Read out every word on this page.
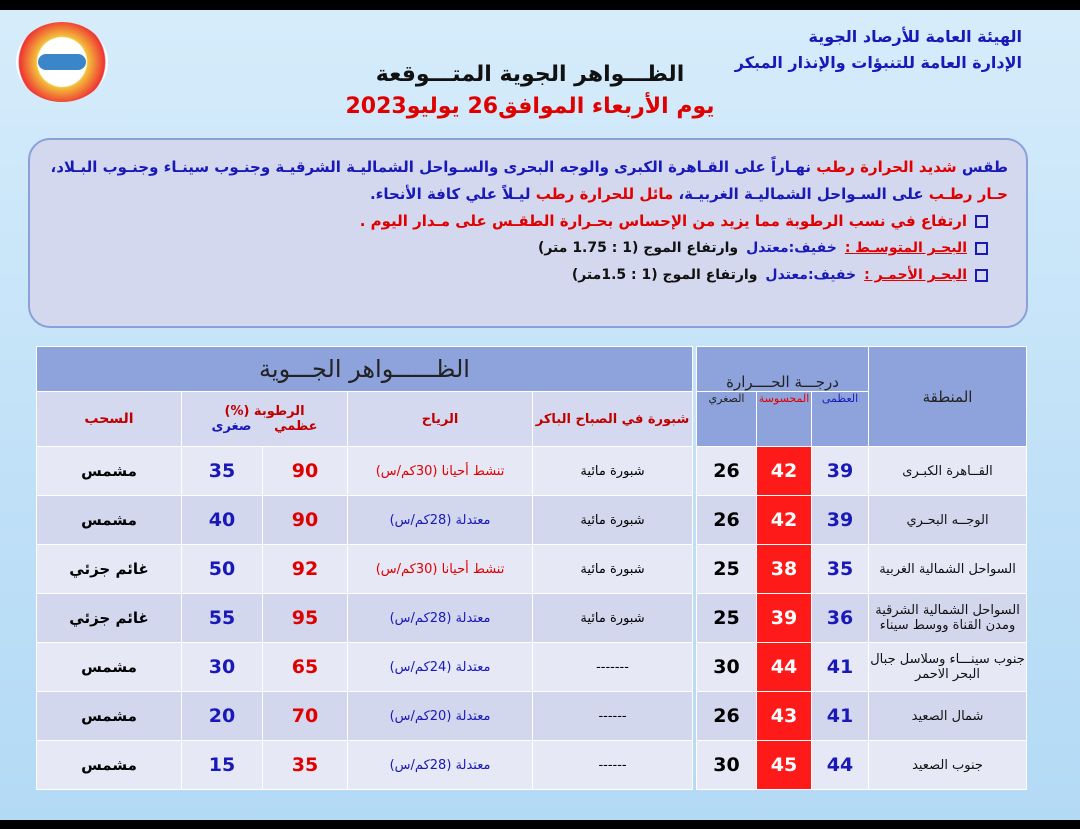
الهيئة العامة للأرصاد الجوية
الإدارة العامة للتنبؤات والإنذار المبكر
الظـــواهر الجوية المتـــوقعة
يوم الأربعاء الموافق26 يوليو2023
طقس شديد الحرارة رطب نهـاراً على القـاهرة الكبرى والوجه البحرى والسـواحل الشماليـة الشرقيـة وجنـوب سينـاء وجنـوب البـلاد، حـار رطـب على السـواحل الشماليـة الغربيـة، مائل للحرارة رطب ليـلاً علي كافة الأنحاء.
ارتفاع في نسب الرطوبة مما يزيد من الإحساس بحـرارة الطقـس على مـدار اليوم .
البحـر المتوسـط :
خفيف:معتدل
وارتفاع الموج (1 : 1.75 متر)
البحـر الأحمـر :
خفيف:معتدل
وارتفاع الموج (1 : 1.5متر)
المنطقة	درجـــة الحــــرارة				الظــــــواهر الجـــوية				
	العظمى	المحسوسة	الصغري		شبورة في الصباح الباكر	الرياح	الرطوبة (%)
عظمي     صغرى		السحب
القــاهرة الكبـرى	39	42	26		شبورة مائية	تنشط أحيانا (30كم/س)	90	35	مشمس
الوجــه البحـري	39	42	26		شبورة مائية	معتدلة (28كم/س)	90	40	مشمس
السواحل الشمالية الغربية	35	38	25		شبورة مائية	تنشط أحيانا (30كم/س)	92	50	غائم جزئي
السواحل الشمالية الشرقية ومدن القناة ووسط سيناء	36	39	25		شبورة مائية	معتدلة (28كم/س)	95	55	غائم جزئي
جنوب سينـــاء وسلاسل جبال البحر الاحمر	41	44	30		-------	معتدلة (24كم/س)	65	30	مشمس
شمال الصعيد	41	43	26		------	معتدلة (20كم/س)	70	20	مشمس
جنوب الصعيد	44	45	30		------	معتدلة (28كم/س)	35	15	مشمس
